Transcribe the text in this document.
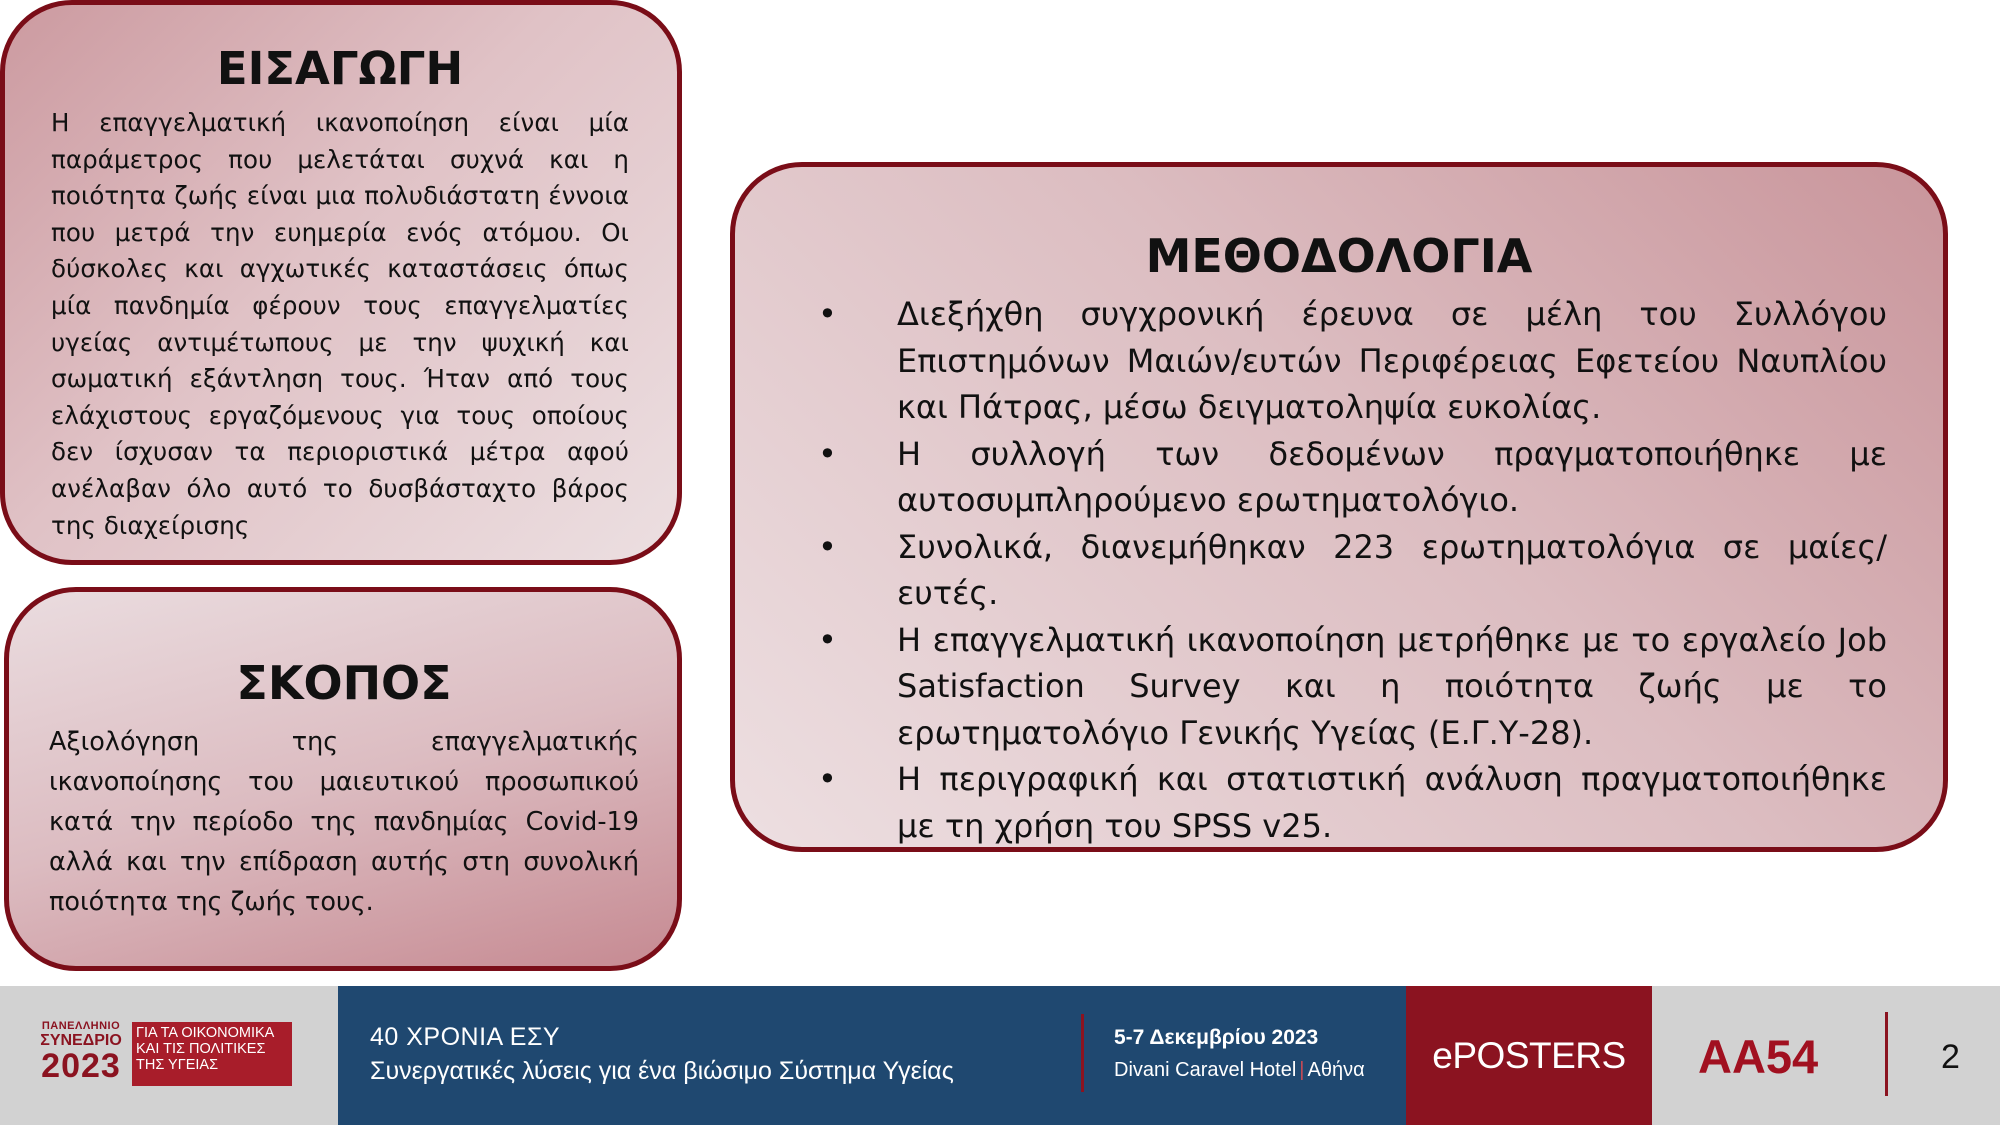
ΕΙΣΑΓΩΓΗ

Η επαγγελματική ικανοποίηση είναι μία παράμετρος που μελετάται συχνά και η ποιότητα ζωής είναι μια πολυδιάστατη έννοια που μετρά την ευημερία ενός ατόμου. Οι δύσκολες και αγχωτικές καταστάσεις όπως μία πανδημία φέρουν τους επαγγελματίες υγείας αντιμέτωπους με την ψυχική και σωματική εξάντληση τους. Ήταν από τους ελάχιστους εργαζόμενους για τους οποίους δεν ίσχυσαν τα περιοριστικά μέτρα αφού ανέλαβαν όλο αυτό το δυσβάσταχτο βάρος της διαχείρισης

ΣΚΟΠΟΣ

Αξιολόγηση της επαγγελματικής ικανοποίησης του μαιευτικού προσωπικού κατά την περίοδο της πανδημίας Covid-19 αλλά και την επίδραση αυτής στη συνολική ποιότητα της ζωής τους.

ΜΕΘΟΔΟΛΟΓΙΑ
• Διεξήχθη συγχρονική έρευνα σε μέλη του Συλλόγου Επιστημόνων Μαιών/ευτών Περιφέρειας Εφετείου Ναυπλίου και Πάτρας, μέσω δειγματοληψία ευκολίας.
• Η συλλογή των δεδομένων πραγματοποιήθηκε με αυτοσυμπληρούμενο ερωτηματολόγιο.
• Συνολικά, διανεμήθηκαν 223 ερωτηματολόγια σε μαίες/ευτές.
• Η επαγγελματική ικανοποίηση μετρήθηκε με το εργαλείο Job Satisfaction Survey και η ποιότητα ζωής με το ερωτηματολόγιο Γενικής Υγείας (Ε.Γ.Υ-28).
• Η περιγραφική και στατιστική ανάλυση πραγματοποιήθηκε με τη χρήση του SPSS v25.
ΠΑΝΕΛΛΗΝΙΟ
ΣΥΝΕΔΡΙΟ
2023
ΓΙΑ ΤΑ ΟΙΚΟΝΟΜΙΚΑ
ΚΑΙ ΤΙΣ ΠΟΛΙΤΙΚΕΣ
ΤΗΣ ΥΓΕΙΑΣ
40 ΧΡΟΝΙΑ ΕΣΥ
Συνεργατικές λύσεις για ένα βιώσιμο Σύστημα Υγείας
5-7 Δεκεμβρίου 2023
Divani Caravel Hotel | Αθήνα	ePOSTERS	ΑΑ54	2
